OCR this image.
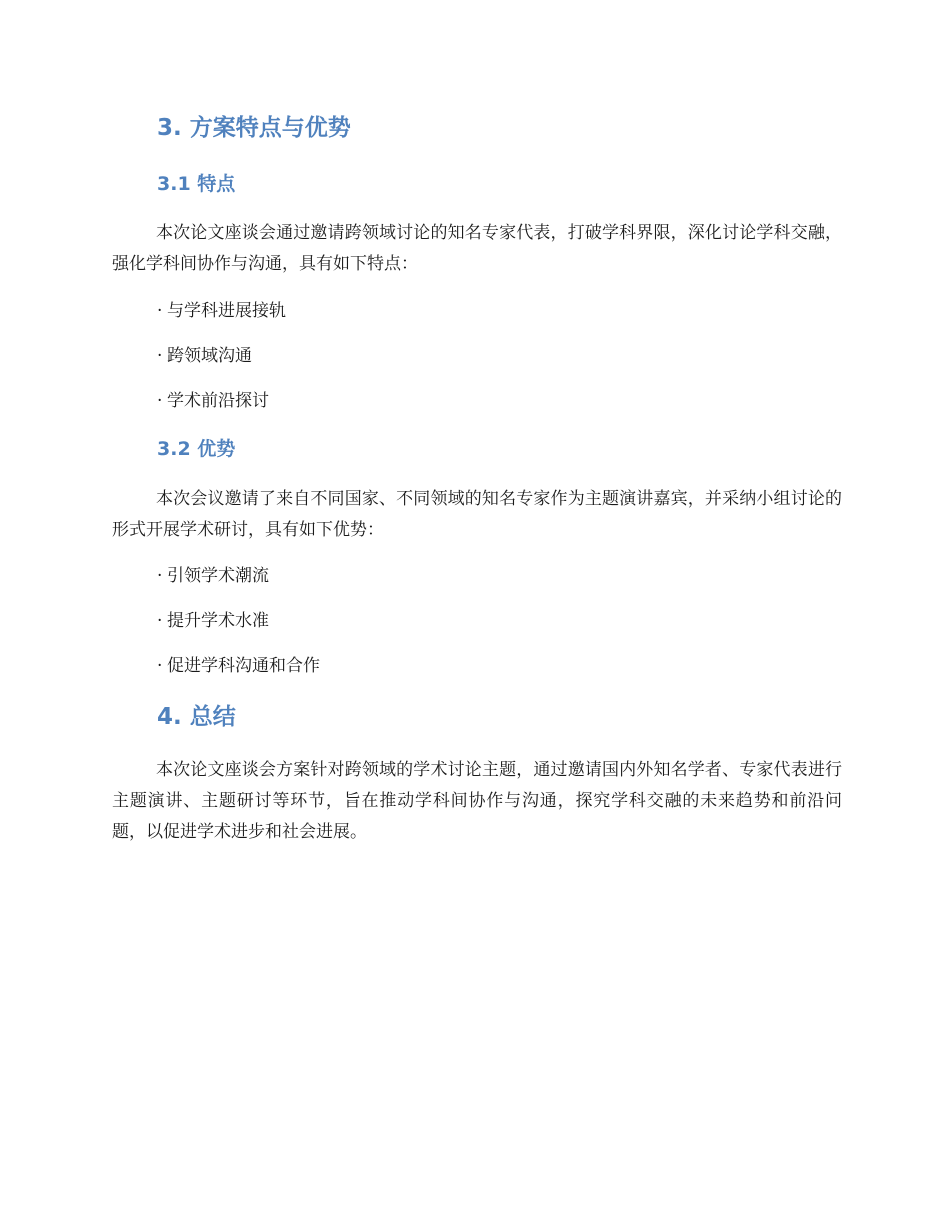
3. 方案特点与优势
3.1 特点

本次论文座谈会通过邀请跨领域讨论的知名专家代表，打破学科界限，深化讨论学科交融，强化学科间协作与沟通，具有如下特点：

· 与学科进展接轨
· 跨领域沟通
· 学术前沿探讨
3.2 优势

本次会议邀请了来自不同国家、不同领域的知名专家作为主题演讲嘉宾，并采纳小组讨论的形式开展学术研讨，具有如下优势：

· 引领学术潮流
· 提升学术水准
· 促进学科沟通和合作
4. 总结

本次论文座谈会方案针对跨领域的学术讨论主题，通过邀请国内外知名学者、专家代表进行主题演讲、主题研讨等环节，旨在推动学科间协作与沟通，探究学科交融的未来趋势和前沿问题，以促进学术进步和社会进展。
